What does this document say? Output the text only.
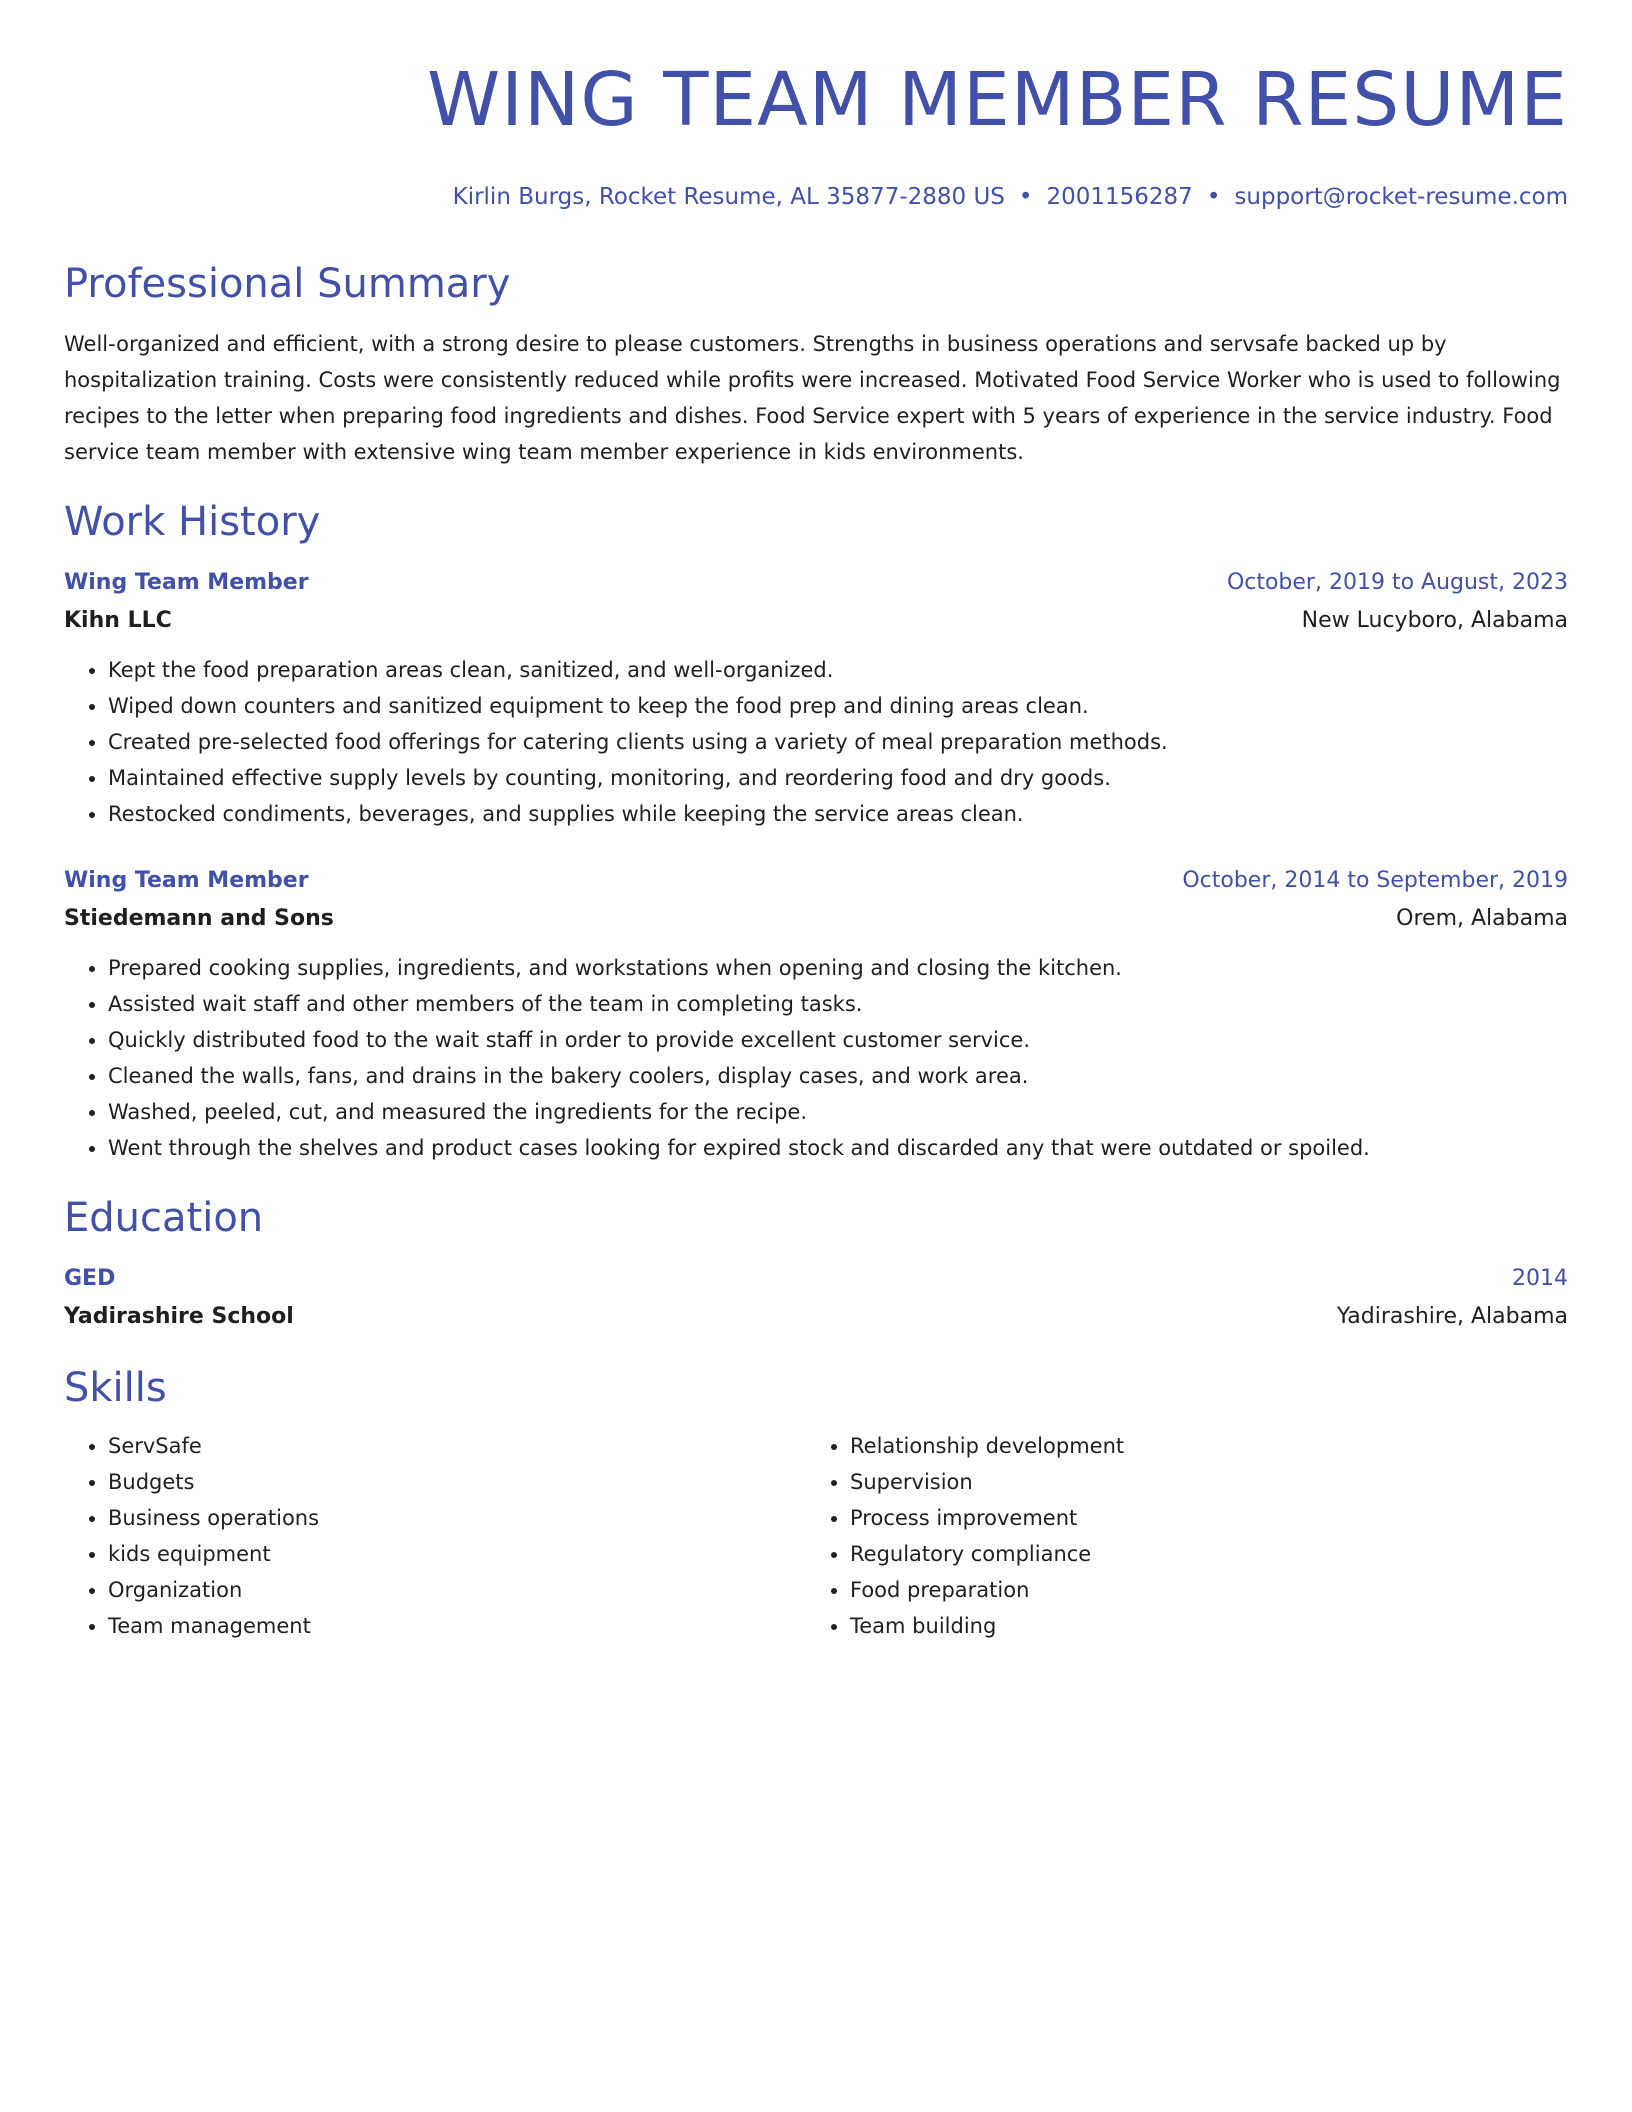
WING TEAM MEMBER RESUME
Kirlin Burgs, Rocket Resume, AL 35877-2880 US • 2001156287 • support@rocket-resume.com
Professional Summary

Well-organized and efficient, with a strong desire to please customers. Strengths in business operations and servsafe backed up by hospitalization training. Costs were consistently reduced while profits were increased. Motivated Food Service Worker who is used to following recipes to the letter when preparing food ingredients and dishes. Food Service expert with 5 years of experience in the service industry. Food service team member with extensive wing team member experience in kids environments.

Work History
Wing Team Member	October, 2019 to August, 2023
Kihn LLC	New Lucyboro, Alabama
• Kept the food preparation areas clean, sanitized, and well-organized.
• Wiped down counters and sanitized equipment to keep the food prep and dining areas clean.
• Created pre-selected food offerings for catering clients using a variety of meal preparation methods.
• Maintained effective supply levels by counting, monitoring, and reordering food and dry goods.
• Restocked condiments, beverages, and supplies while keeping the service areas clean.
Wing Team Member	October, 2014 to September, 2019
Stiedemann and Sons	Orem, Alabama
• Prepared cooking supplies, ingredients, and workstations when opening and closing the kitchen.
• Assisted wait staff and other members of the team in completing tasks.
• Quickly distributed food to the wait staff in order to provide excellent customer service.
• Cleaned the walls, fans, and drains in the bakery coolers, display cases, and work area.
• Washed, peeled, cut, and measured the ingredients for the recipe.
• Went through the shelves and product cases looking for expired stock and discarded any that were outdated or spoiled.
Education
GED	2014
Yadirashire School	Yadirashire, Alabama
Skills
• ServSafe
• Budgets
• Business operations
• kids equipment
• Organization
• Team management
• Relationship development
• Supervision
• Process improvement
• Regulatory compliance
• Food preparation
• Team building
